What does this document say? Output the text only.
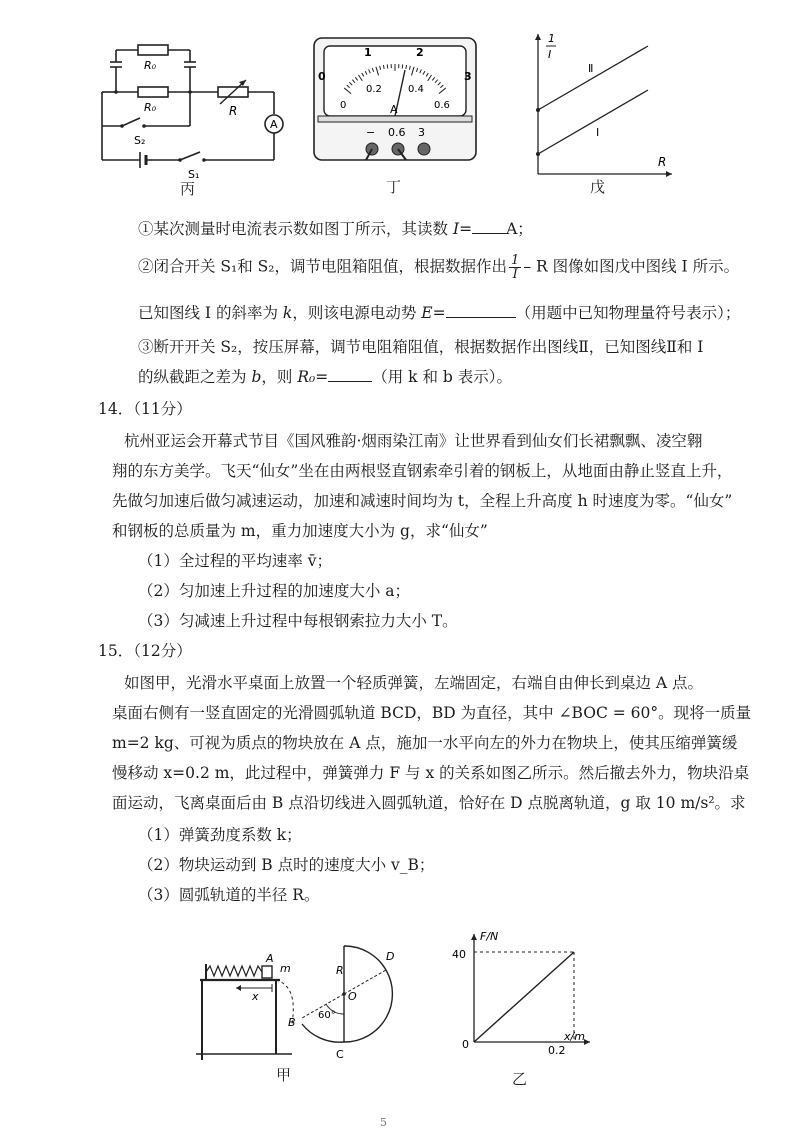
R₀
R₀	R
A
S₂
S₁
丙
0
1	2
3
0
0.2	0.4
0.6
A
− 0.6 3
丁
1
I
R
Ⅱ
Ⅰ
戊
①某次测量时电流表示数如图丁所示，其读数 I= A；
②闭合开关 S₁和 S₂，调节电阻箱阻值，根据数据作出 $\frac{1}{I}$ – R 图像如图戊中图线 I 所示。
已知图线 I 的斜率为 k，则该电源电动势 E=	（用题中已知物理量符号表示）；
③断开开关 S₂，按压屏幕，调节电阻箱阻值，根据数据作出图线Ⅱ，已知图线Ⅱ和 I
的纵截距之差为 b，则 R₀=	（用 k 和 b 表示）。
14．（11分）
杭州亚运会开幕式节目《国风雅韵·烟雨染江南》让世界看到仙女们长裙飘飘、凌空翱
翔的东方美学。飞天“仙女”坐在由两根竖直钢索牵引着的钢板上，从地面由静止竖直上升，
先做匀加速后做匀减速运动，加速和减速时间均为 t，全程上升高度 h 时速度为零。“仙女”
和钢板的总质量为 m，重力加速度大小为 g，求“仙女”
（1）全过程的平均速率 v̄；
（2）匀加速上升过程的加速度大小 a；
（3）匀减速上升过程中每根钢索拉力大小 T。
15．（12分）
如图甲，光滑水平桌面上放置一个轻质弹簧，左端固定，右端自由伸长到桌边 A 点。
桌面右侧有一竖直固定的光滑圆弧轨道 BCD，BD 为直径，其中 ∠BOC = 60°。现将一质量
m=2 kg、可视为质点的物块放在 A 点，施加一水平向左的外力在物块上，使其压缩弹簧缓
慢移动 x=0.2 m，此过程中，弹簧弹力 F 与 x 的关系如图乙所示。然后撤去外力，物块沿桌
面运动，飞离桌面后由 B 点沿切线进入圆弧轨道，恰好在 D 点脱离轨道，g 取 10 m/s²。求
（1）弹簧劲度系数 k；
（2）物块运动到 B 点时的速度大小 v_B；
（3）圆弧轨道的半径 R。
A
m
x
R
D
O
B
60°
C
甲
F/N
x/m
40
0.2
0
乙
5
